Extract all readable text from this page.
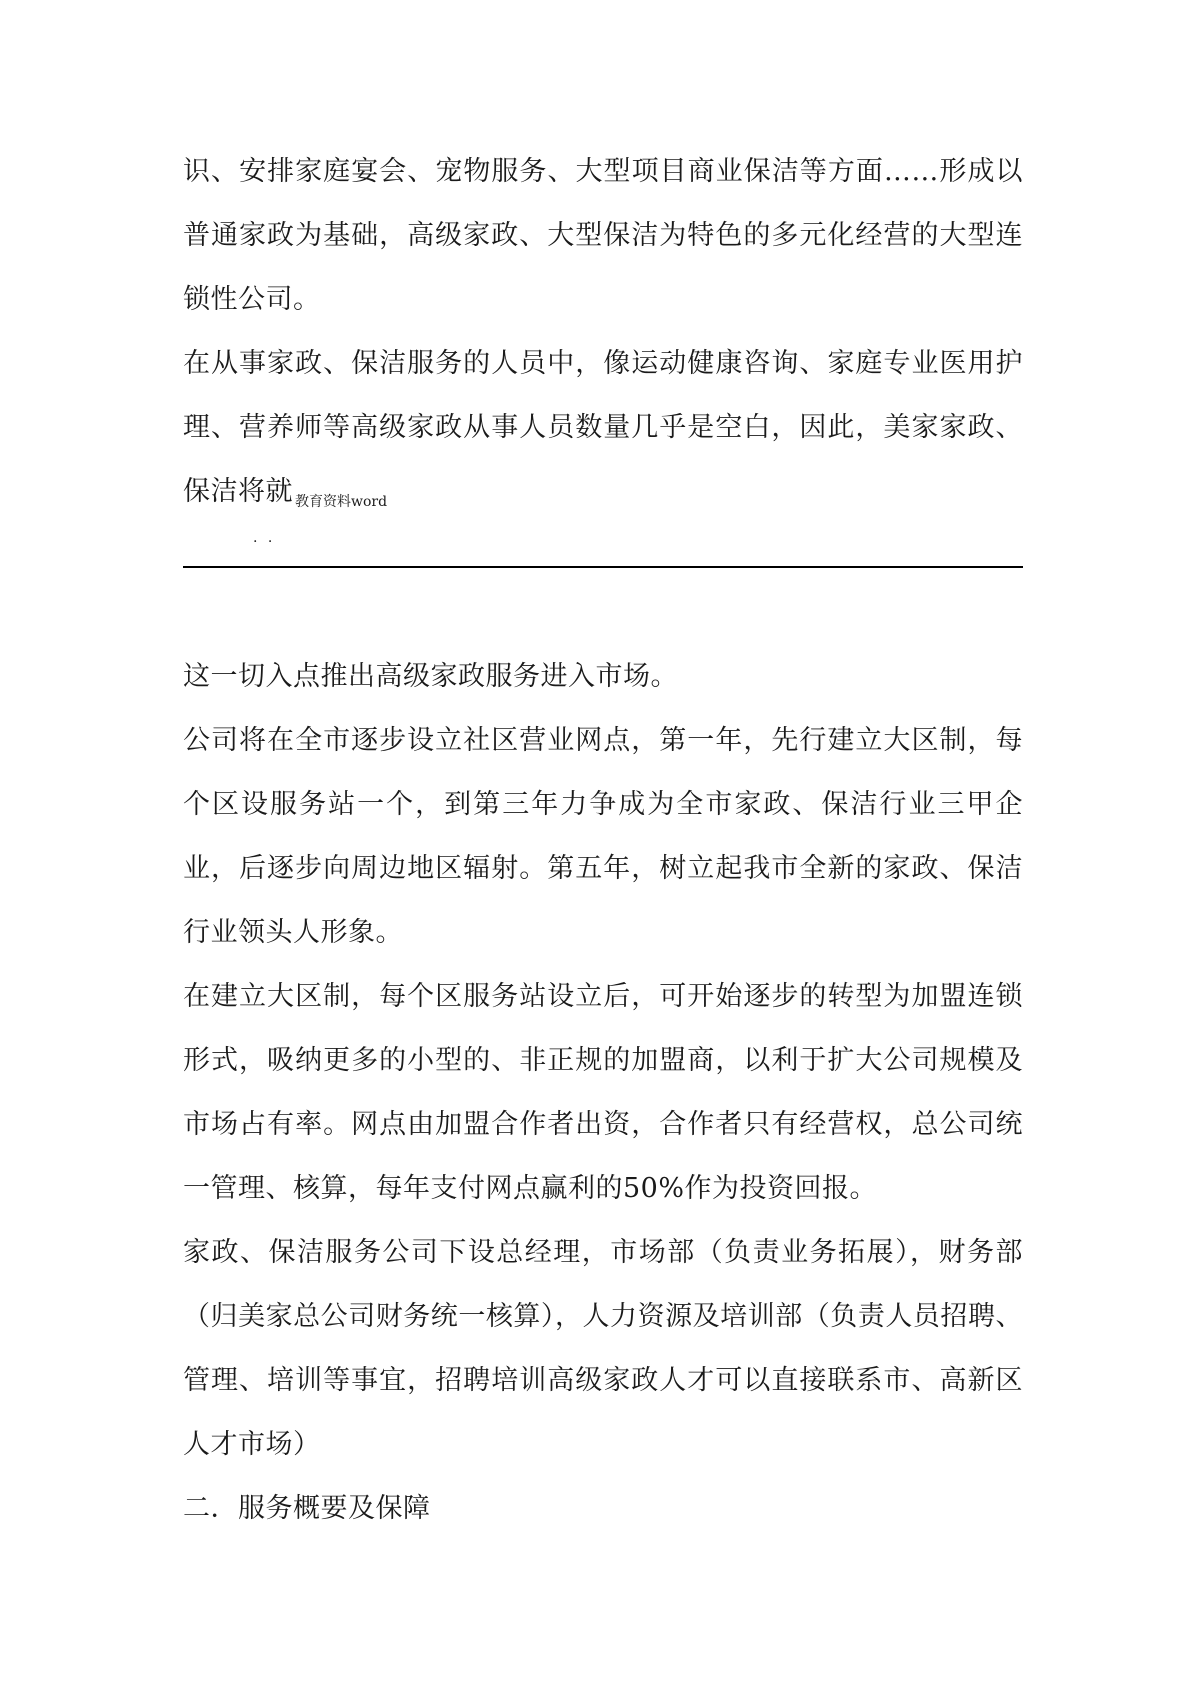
识、安排家庭宴会、宠物服务、大型项目商业保洁等方面……形成以普通家政为基础，高级家政、大型保洁为特色的多元化经营的大型连锁性公司。

在从事家政、保洁服务的人员中，像运动健康咨询、家庭专业医用护理、营养师等高级家政从事人员数量几乎是空白，因此，美家家政、保洁将就 $_{教育资料word}$

. .

这一切入点推出高级家政服务进入市场。

公司将在全市逐步设立社区营业网点，第一年，先行建立大区制，每个区设服务站一个，到第三年力争成为全市家政、保洁行业三甲企业，后逐步向周边地区辐射。第五年，树立起我市全新的家政、保洁行业领头人形象。

在建立大区制，每个区服务站设立后，可开始逐步的转型为加盟连锁形式，吸纳更多的小型的、非正规的加盟商，以利于扩大公司规模及市场占有率。网点由加盟合作者出资，合作者只有经营权，总公司统一管理、核算，每年支付网点赢利的50%作为投资回报。

家政、保洁服务公司下设总经理，市场部（负责业务拓展），财务部（归美家总公司财务统一核算），人力资源及培训部（负责人员招聘、管理、培训等事宜，招聘培训高级家政人才可以直接联系市、高新区人才市场）

二．服务概要及保障
